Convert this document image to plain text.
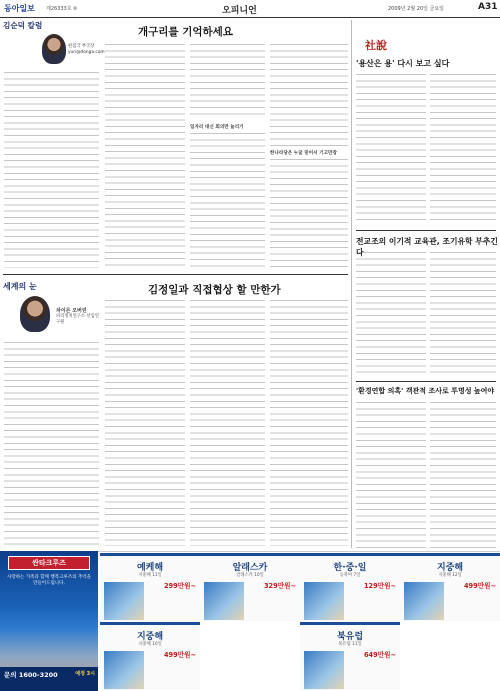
동아일보 제26333호 ⑥	오피니언	2009년 2월 20일 금요일	A31
김순덕 칼럼
편집국 부국장
yuri@donga.com
개구리를 기억하세요
일자리 대신 회의만 늘리기
한나라당은 누굴 믿어서 기고만장
세계의 눈
차이몬 오버린
파리정치연구소 선임연구원
김정일과 직접협상 할 만한가
社說
'용산은 용' 다시 보고 싶다
전교조의 이기적 교육관, 조기유학 부추긴다
'환경연합 의혹' 객관적 조사로 투명성 높여야
싼타크루즈
사랑하는 가족과 함께 행복크루즈의 추억을 만들어드립니다.
문의 1600-3200	예정 3시
예케해
지중해 11일
299만원~
알래스카
알래스카 10일
329만원~
한·중·일
동북아 7일
129만원~
지중해
지중해 12일
499만원~
지중해
지중해 10일
499만원~
북유럽
북유럽 11일
649만원~
